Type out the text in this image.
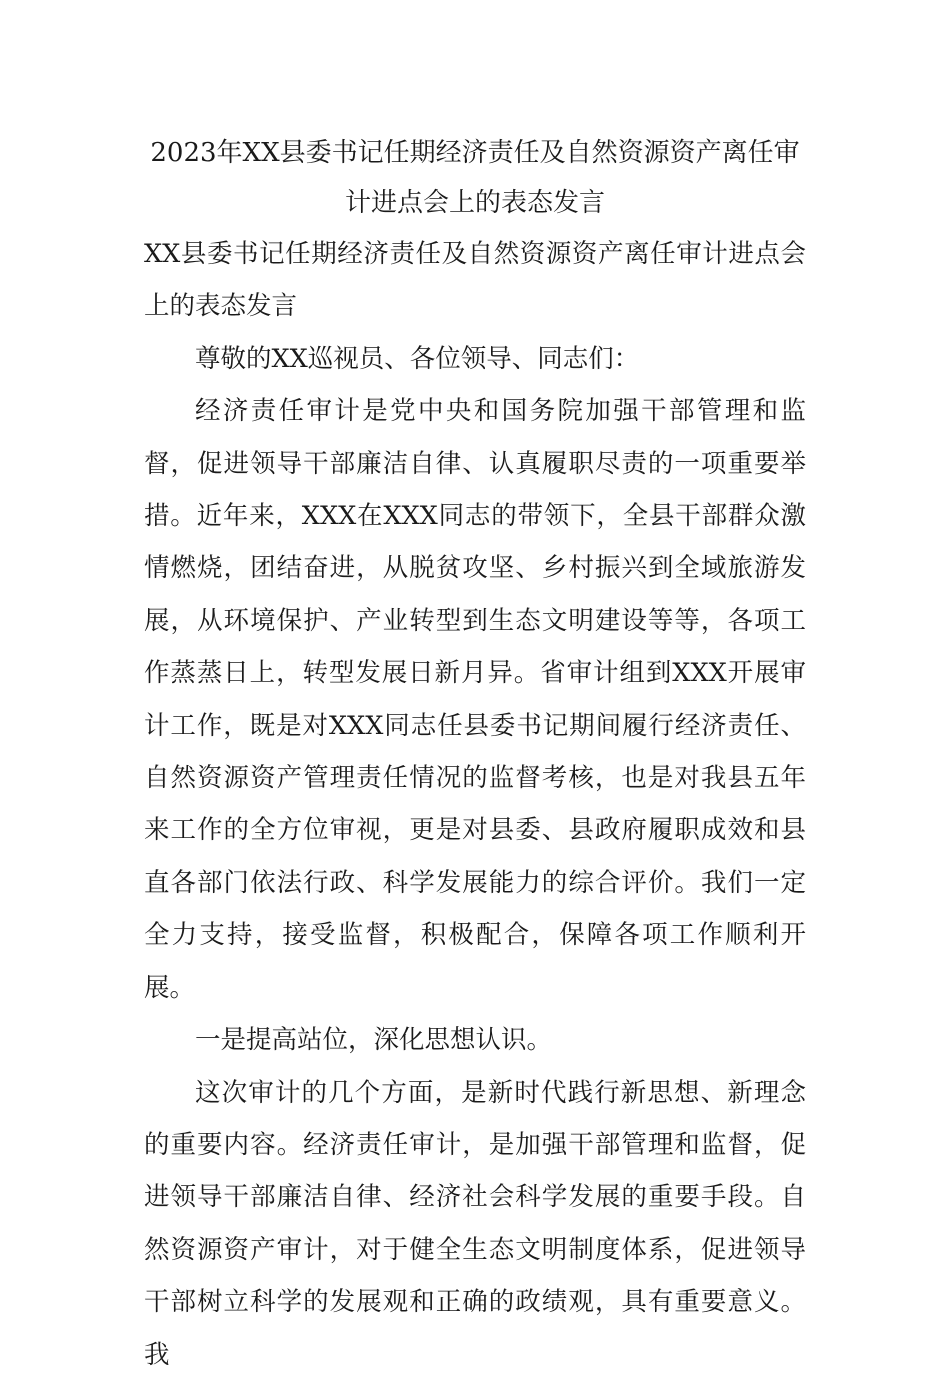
2023年XX县委书记任期经济责任及自然资源资产离任审计进点会上的表态发言

XX县委书记任期经济责任及自然资源资产离任审计进点会上的表态发言

尊敬的XX巡视员、各位领导、同志们：

经济责任审计是党中央和国务院加强干部管理和监督，促进领导干部廉洁自律、认真履职尽责的一项重要举措。近年来，XXX在XXX同志的带领下，全县干部群众激情燃烧，团结奋进，从脱贫攻坚、乡村振兴到全域旅游发展，从环境保护、产业转型到生态文明建设等等，各项工作蒸蒸日上，转型发展日新月异。省审计组到XXX开展审计工作，既是对XXX同志任县委书记期间履行经济责任、自然资源资产管理责任情况的监督考核，也是对我县五年来工作的全方位审视，更是对县委、县政府履职成效和县直各部门依法行政、科学发展能力的综合评价。我们一定全力支持，接受监督，积极配合，保障各项工作顺利开展。

一是提高站位，深化思想认识。

这次审计的几个方面，是新时代践行新思想、新理念的重要内容。经济责任审计，是加强干部管理和监督，促进领导干部廉洁自律、经济社会科学发展的重要手段。自然资源资产审计，对于健全生态文明制度体系，促进领导干部树立科学的发展观和正确的政绩观，具有重要意义。我
